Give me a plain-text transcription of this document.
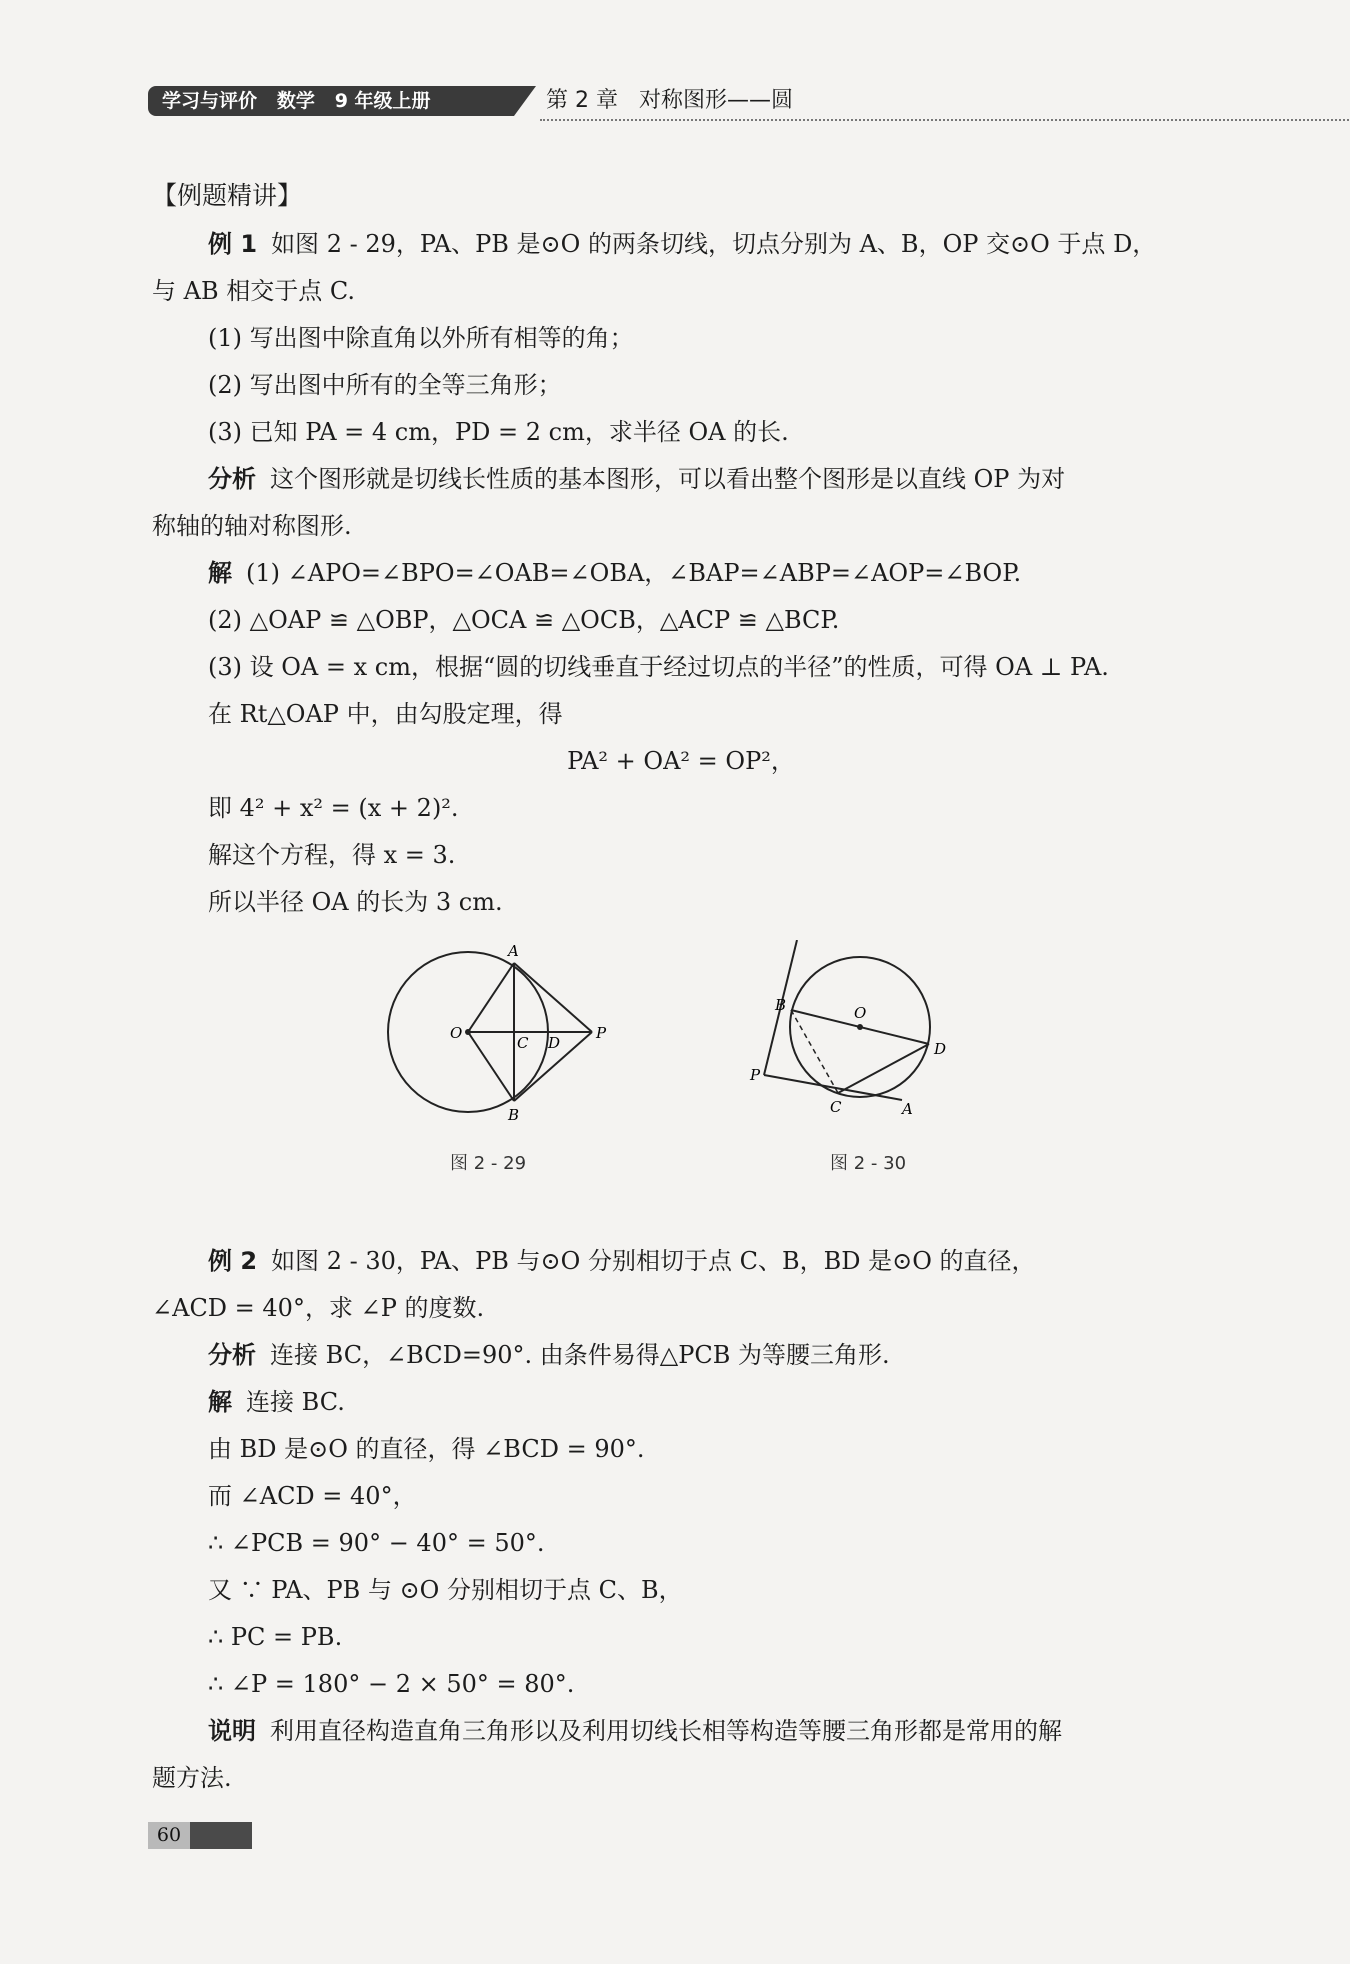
学习与评价   数学   9 年级上册	第 2 章   对称图形——圆

【例题精讲】

例 1 如图 2 - 29，PA、PB 是⊙O 的两条切线，切点分别为 A、B，OP 交⊙O 于点 D，

与 AB 相交于点 C.

(1) 写出图中除直角以外所有相等的角；

(2) 写出图中所有的全等三角形；

(3) 已知 PA = 4 cm，PD = 2 cm，求半径 OA 的长.

分析 这个图形就是切线长性质的基本图形，可以看出整个图形是以直线 OP 为对

称轴的轴对称图形.

解 (1) ∠APO=∠BPO=∠OAB=∠OBA，∠BAP=∠ABP=∠AOP=∠BOP.

(2) △OAP ≌ △OBP，△OCA ≌ △OCB，△ACP ≌ △BCP.

(3) 设 OA = x cm，根据“圆的切线垂直于经过切点的半径”的性质，可得 OA ⊥ PA.

在 Rt△OAP 中，由勾股定理，得

PA² + OA² = OP²，

即 4² + x² = (x + 2)².

解这个方程，得 x = 3.

所以半径 OA 的长为 3 cm.

A
B
O
C D
P
图 2 - 29
B	O
D
P
C	A
图 2 - 30

例 2 如图 2 - 30，PA、PB 与⊙O 分别相切于点 C、B，BD 是⊙O 的直径，

∠ACD = 40°，求 ∠P 的度数.

分析 连接 BC，∠BCD=90°. 由条件易得△PCB 为等腰三角形.

解 连接 BC.

由 BD 是⊙O 的直径，得 ∠BCD = 90°.

而 ∠ACD = 40°，

∴ ∠PCB = 90° − 40° = 50°.

又 ∵ PA、PB 与 ⊙O 分别相切于点 C、B，

∴ PC = PB.

∴ ∠P = 180° − 2 × 50° = 80°.

说明 利用直径构造直角三角形以及利用切线长相等构造等腰三角形都是常用的解

题方法.

60
